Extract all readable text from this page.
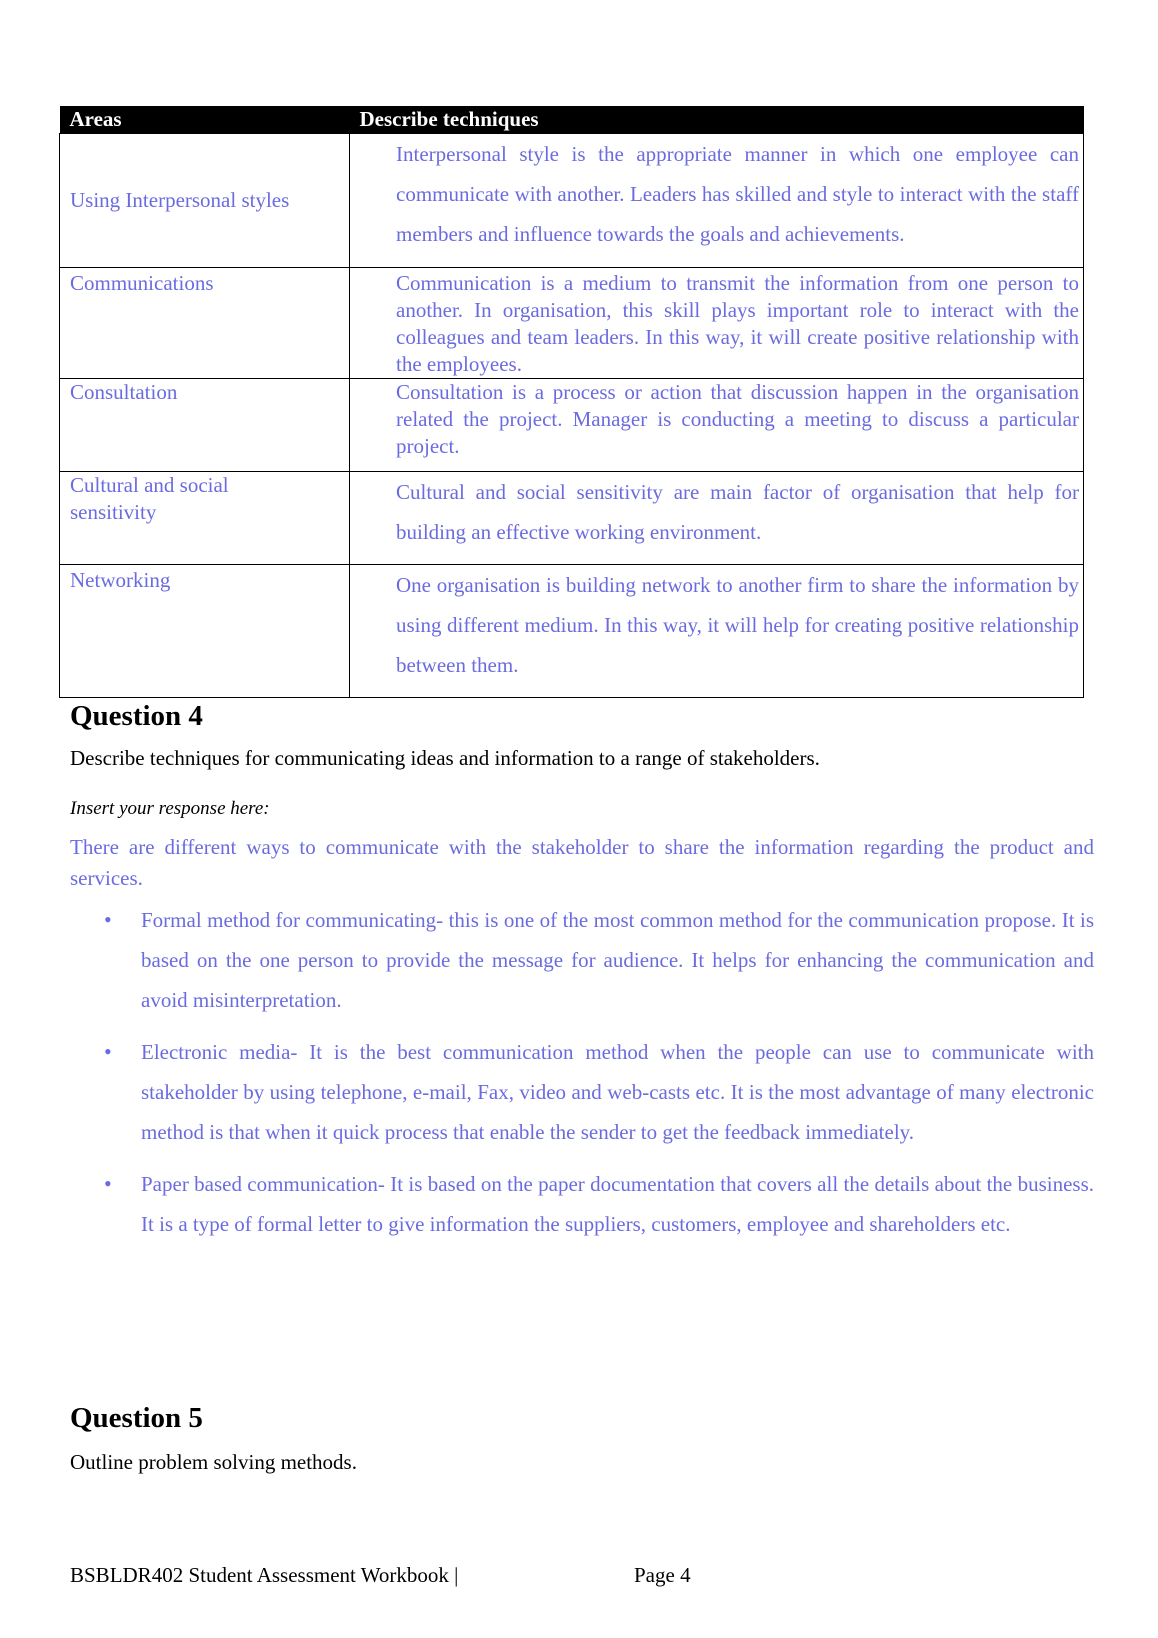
Areas	Describe techniques

Using Interpersonal styles	Interpersonal style is the appropriate manner in which one employee can communicate with another. Leaders has skilled and style to interact with the staff members and influence towards the goals and achievements.
Communications	Communication is a medium to transmit the information from one person to another. In organisation, this skill plays important role to interact with the colleagues and team leaders. In this way, it will create positive relationship with the employees.
Consultation	Consultation is a process or action that discussion happen in the organisation related the project. Manager is conducting a meeting to discuss a particular project.
Cultural and social sensitivity	Cultural and social sensitivity are main factor of organisation that help for building an effective working environment.
Networking	One organisation is building network to another firm to share the information by using different medium. In this way, it will help for creating positive relationship between them.
Question 4

Describe techniques for communicating ideas and information to a range of stakeholders.

Insert your response here:

There are different ways to communicate with the stakeholder to share the information regarding the product and services.

• Formal method for communicating- this is one of the most common method for the communication propose. It is based on the one person to provide the message for audience. It helps for enhancing the communication and avoid misinterpretation.
• Electronic media- It is the best communication method when the people can use to communicate with stakeholder by using telephone, e-mail, Fax, video and web-casts etc. It is the most advantage of many electronic method is that when it quick process that enable the sender to get the feedback immediately.
• Paper based communication- It is based on the paper documentation that covers all the details about the business. It is a type of formal letter to give information the suppliers, customers, employee and shareholders etc.
Question 5

Outline problem solving methods.

BSBLDR402 Student Assessment Workbook |	Page 4
